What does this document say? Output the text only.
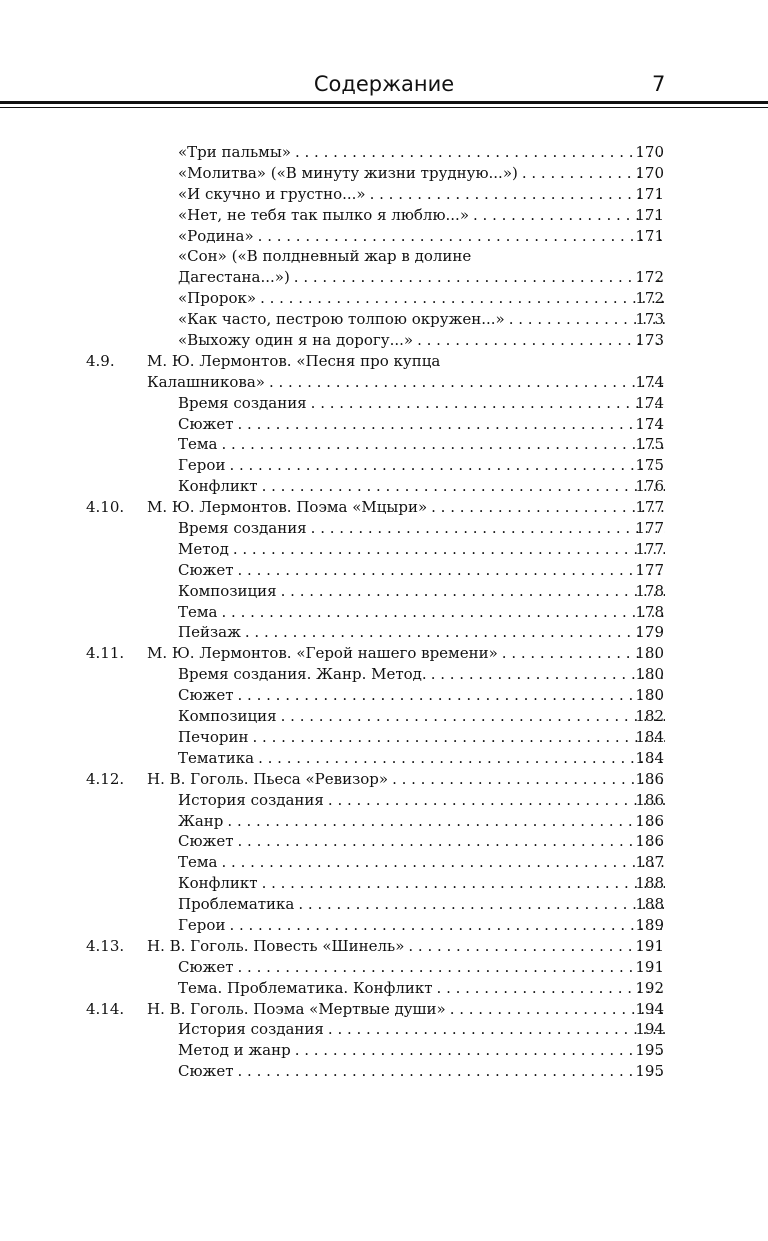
Содержание	7
«Три пальмы» . . .	170
«Молитва» («В минуту жизни трудную...») . . .	170
«И скучно и грустно...» . . .	171
«Нет, не тебя так пылко я люблю...» . . .	171
«Родина» . . .	171
«Сон» («В полдневный жар в долине
Дагестана...») . . .	172
«Пророк» . . .	172
«Как часто, пестрою толпою окружен...» . . .	173
«Выхожу один я на дорогу...» . . .	173
4.9. М. Ю. Лермонтов. «Песня про купца
Калашникова» . . .	174
Время создания . . .	174
Сюжет . . .	174
Тема . . .	175
Герои . . .	175
Конфликт . . .	176
4.10. М. Ю. Лермонтов. Поэма «Мцыри» . . .	177
Время создания . . .	177
Метод . . .	177
Сюжет . . .	177
Композиция . . .	178
Тема . . .	178
Пейзаж . . .	179
4.11. М. Ю. Лермонтов. «Герой нашего времени» . . .	180
Время создания. Жанр. Метод. . . .	180
Сюжет . . .	180
Композиция . . .	182
Печорин . . .	184
Тематика . . .	184
4.12. Н. В. Гоголь. Пьеса «Ревизор» . . .	186
История создания . . .	186
Жанр . . .	186
Сюжет . . .	186
Тема . . .	187
Конфликт . . .	188
Проблематика . . .	188
Герои . . .	189
4.13. Н. В. Гоголь. Повесть «Шинель» . . .	191
Сюжет . . .	191
Тема. Проблематика. Конфликт . . .	192
4.14. Н. В. Гоголь. Поэма «Мертвые души» . . .	194
История создания . . .	194
Метод и жанр . . .	195
Сюжет . . .	195
